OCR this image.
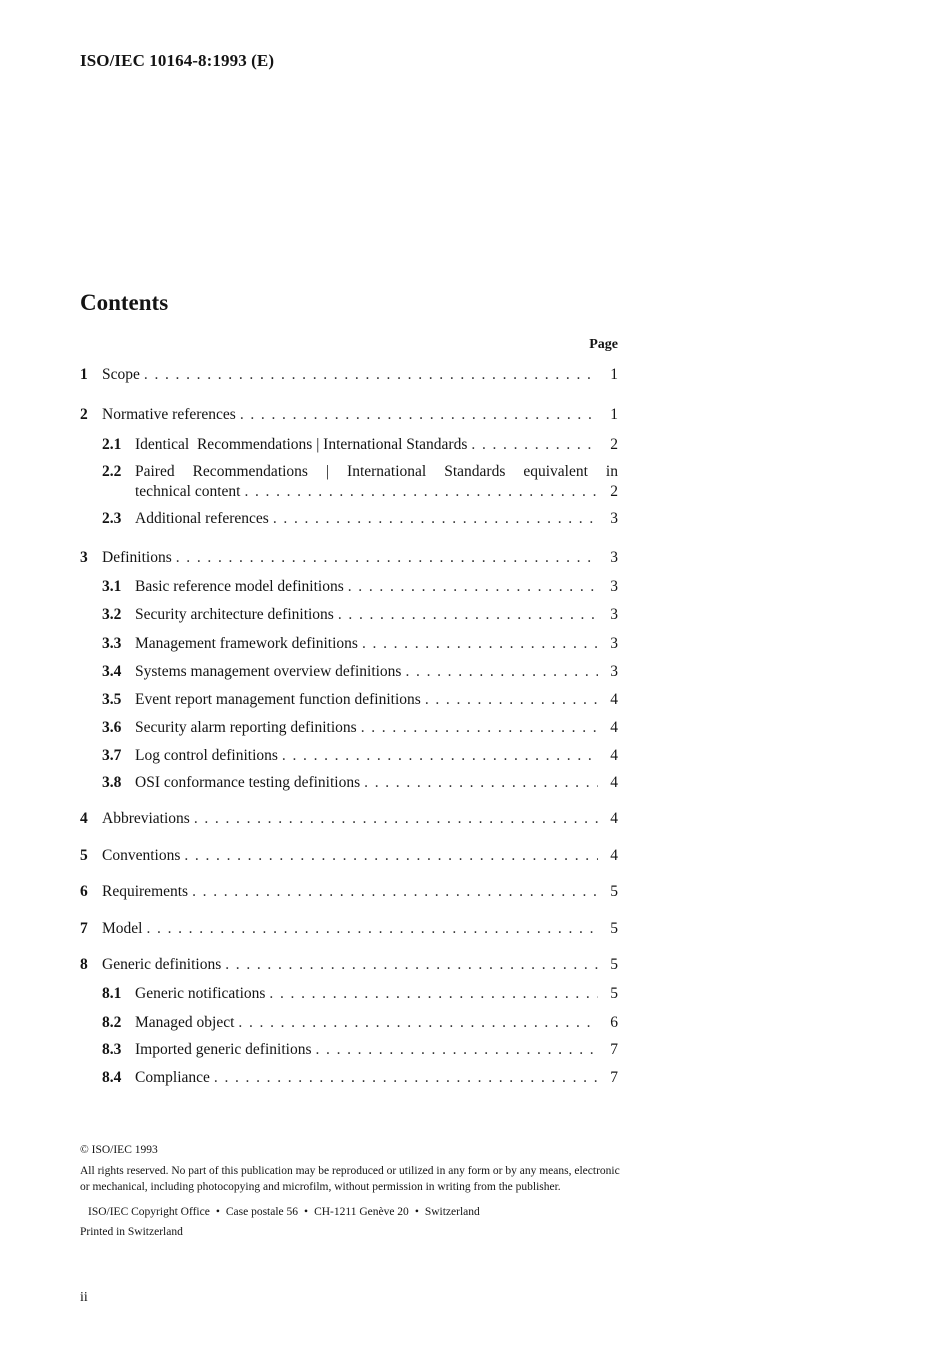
ISO/IEC 10164-8:1993 (E)
Contents
Page
1 Scope . . .	1
2 Normative references . . .	1
2.1 Identical  Recommendations | International Standards . . .	2
2.2 Paired Recommendations | International Standards equivalent in
technical content . . .	2
2.3 Additional references . . .	3
3 Definitions . . .	3
3.1 Basic reference model definitions . . .	3
3.2 Security architecture definitions . . .	3
3.3 Management framework definitions . . .	3
3.4 Systems management overview definitions . . .	3
3.5 Event report management function definitions . . .	4
3.6 Security alarm reporting definitions . . .	4
3.7 Log control definitions . . .	4
3.8 OSI conformance testing definitions . . .	4
4 Abbreviations . . .	4
5 Conventions . . .	4
6 Requirements . . .	5
7 Model . . .	5
8 Generic definitions . . .	5
8.1 Generic notifications . . .	5
8.2 Managed object . . .	6
8.3 Imported generic definitions . . .	7
8.4 Compliance . . .	7
© ISO/IEC 1993

All rights reserved. No part of this publication may be reproduced or utilized in any form or by any means, electronic or mechanical, including photocopying and microfilm, without permission in writing from the publisher.

ISO/IEC Copyright Office • Case postale 56 • CH-1211 Genève 20 • Switzerland
Printed in Switzerland
ii
